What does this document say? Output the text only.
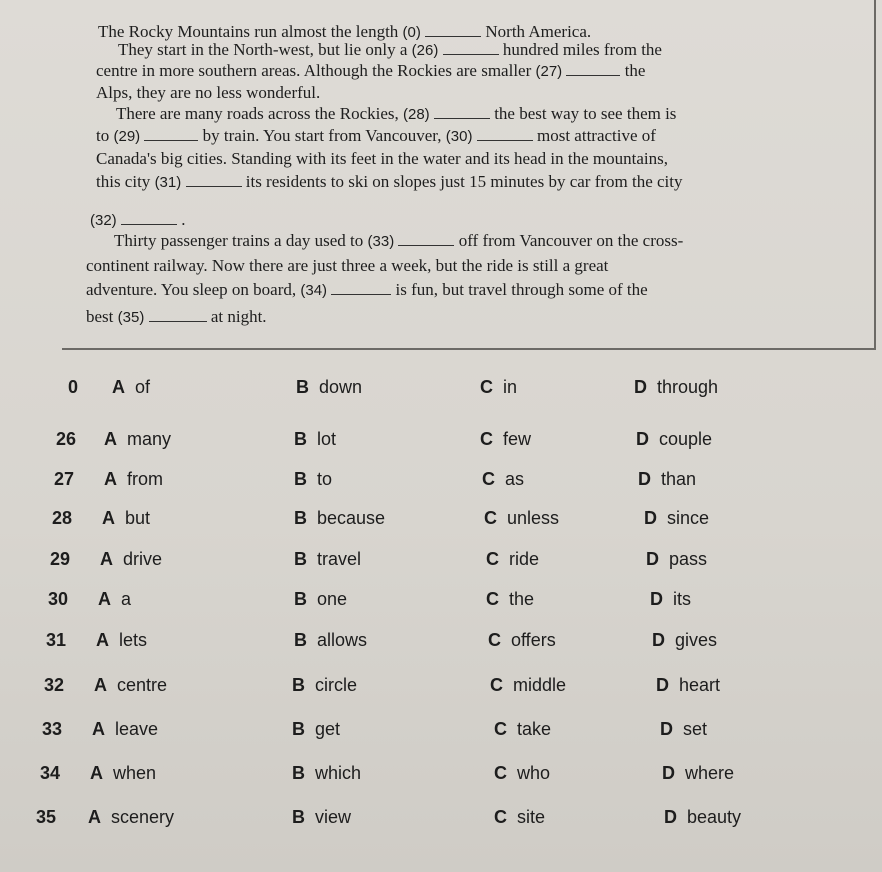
The Rocky Mountains run almost the length (0)	North America.
They start in the North-west, but lie only a (26)	hundred miles from the
centre in more southern areas. Although the Rockies are smaller (27)	the
Alps, they are no less wonderful.
There are many roads across the Rockies, (28)	the best way to see them is
to (29)	by train. You start from Vancouver, (30)	most attractive of
Canada's big cities. Standing with its feet in the water and its head in the mountains,
this city (31)	its residents to ski on slopes just 15 minutes by car from the city
(32)	.
Thirty passenger trains a day used to (33)	off from Vancouver on the cross-
continent railway. Now there are just three a week, but the ride is still a great
adventure. You sleep on board, (34)	is fun, but travel through some of the
best (35)	at night.
0 A of	B down	C in	D through
26 A many	B lot	C few	D couple
27 A from	B to	C as	D than
28 A but	B because	C unless	D since
29 A drive	B travel	C ride	D pass
30 A a	B one	C the	D its
31 A lets	B allows	C offers	D gives
32 A centre	B circle	C middle	D heart
33 A leave	B get	C take	D set
34 A when	B which	C who	D where
35 A scenery	B view	C site	D beauty
